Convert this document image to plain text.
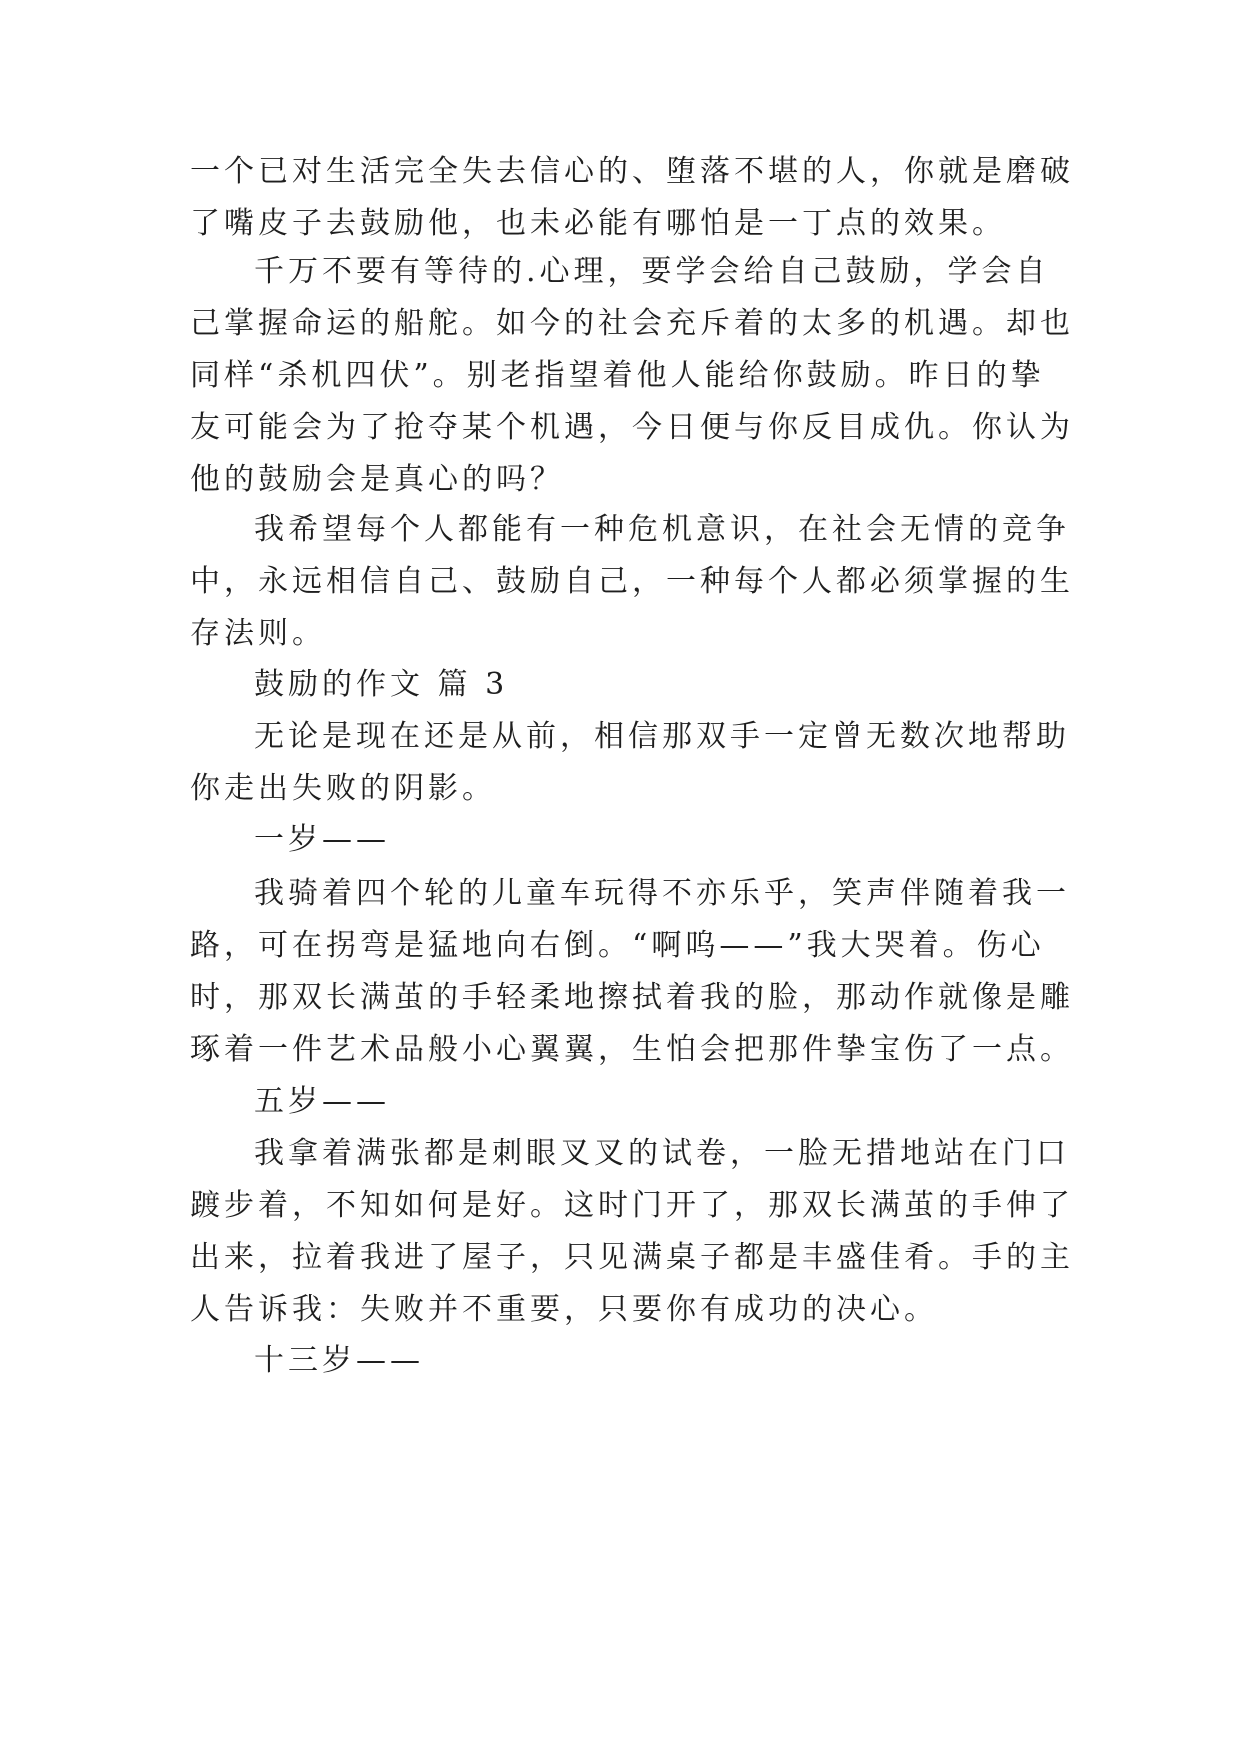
一个已对生活完全失去信心的、堕落不堪的人，你就是磨破
了嘴皮子去鼓励他，也未必能有哪怕是一丁点的效果。
千万不要有等待的.心理，要学会给自己鼓励，学会自
己掌握命运的船舵。如今的社会充斥着的太多的机遇。却也
同样“杀机四伏”。别老指望着他人能给你鼓励。昨日的挚
友可能会为了抢夺某个机遇，今日便与你反目成仇。你认为
他的鼓励会是真心的吗？
我希望每个人都能有一种危机意识，在社会无情的竞争
中，永远相信自己、鼓励自己，一种每个人都必须掌握的生
存法则。
鼓励的作文 篇 3
无论是现在还是从前，相信那双手一定曾无数次地帮助
你走出失败的阴影。
一岁——
我骑着四个轮的儿童车玩得不亦乐乎，笑声伴随着我一
路，可在拐弯是猛地向右倒。“啊呜——”我大哭着。伤心
时，那双长满茧的手轻柔地擦拭着我的脸，那动作就像是雕
琢着一件艺术品般小心翼翼，生怕会把那件挚宝伤了一点。
五岁——
我拿着满张都是刺眼叉叉的试卷，一脸无措地站在门口
踱步着，不知如何是好。这时门开了，那双长满茧的手伸了
出来，拉着我进了屋子，只见满桌子都是丰盛佳肴。手的主
人告诉我：失败并不重要，只要你有成功的决心。
十三岁——
